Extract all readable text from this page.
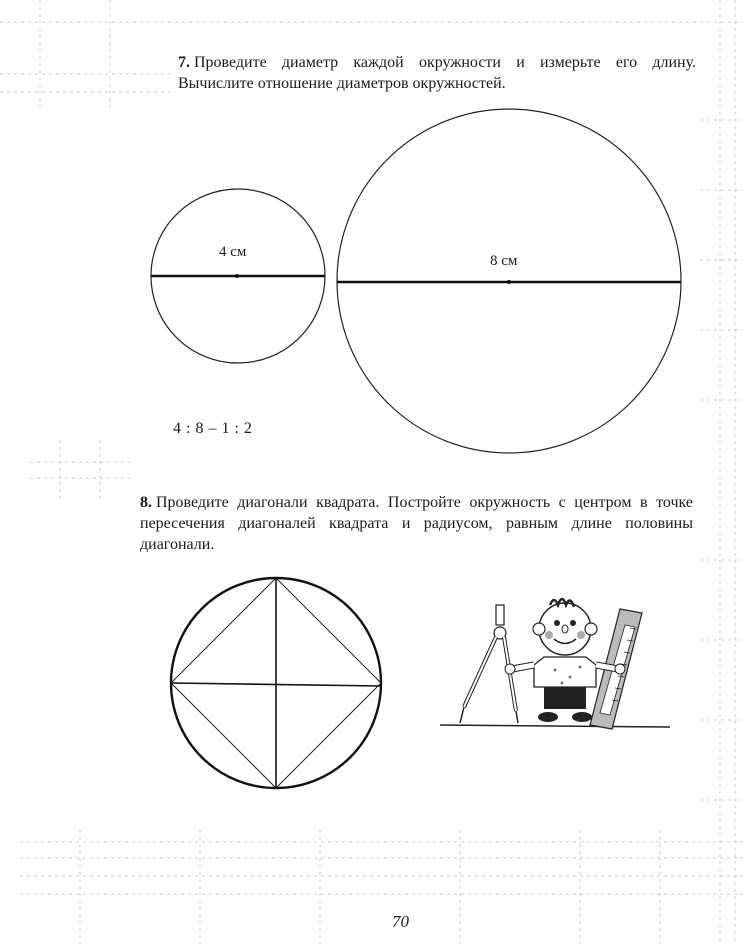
7. Проведите диаметр каждой окружности и измерьте его длину. Вычислите отношение диаметров окружностей.
4 см
8 см
4 : 8 – 1 : 2
8. Проведите диагонали квадрата. Постройте окружность с центром в точке пересечения диагоналей квадрата и радиусом, равным длине половины диагонали.
70
